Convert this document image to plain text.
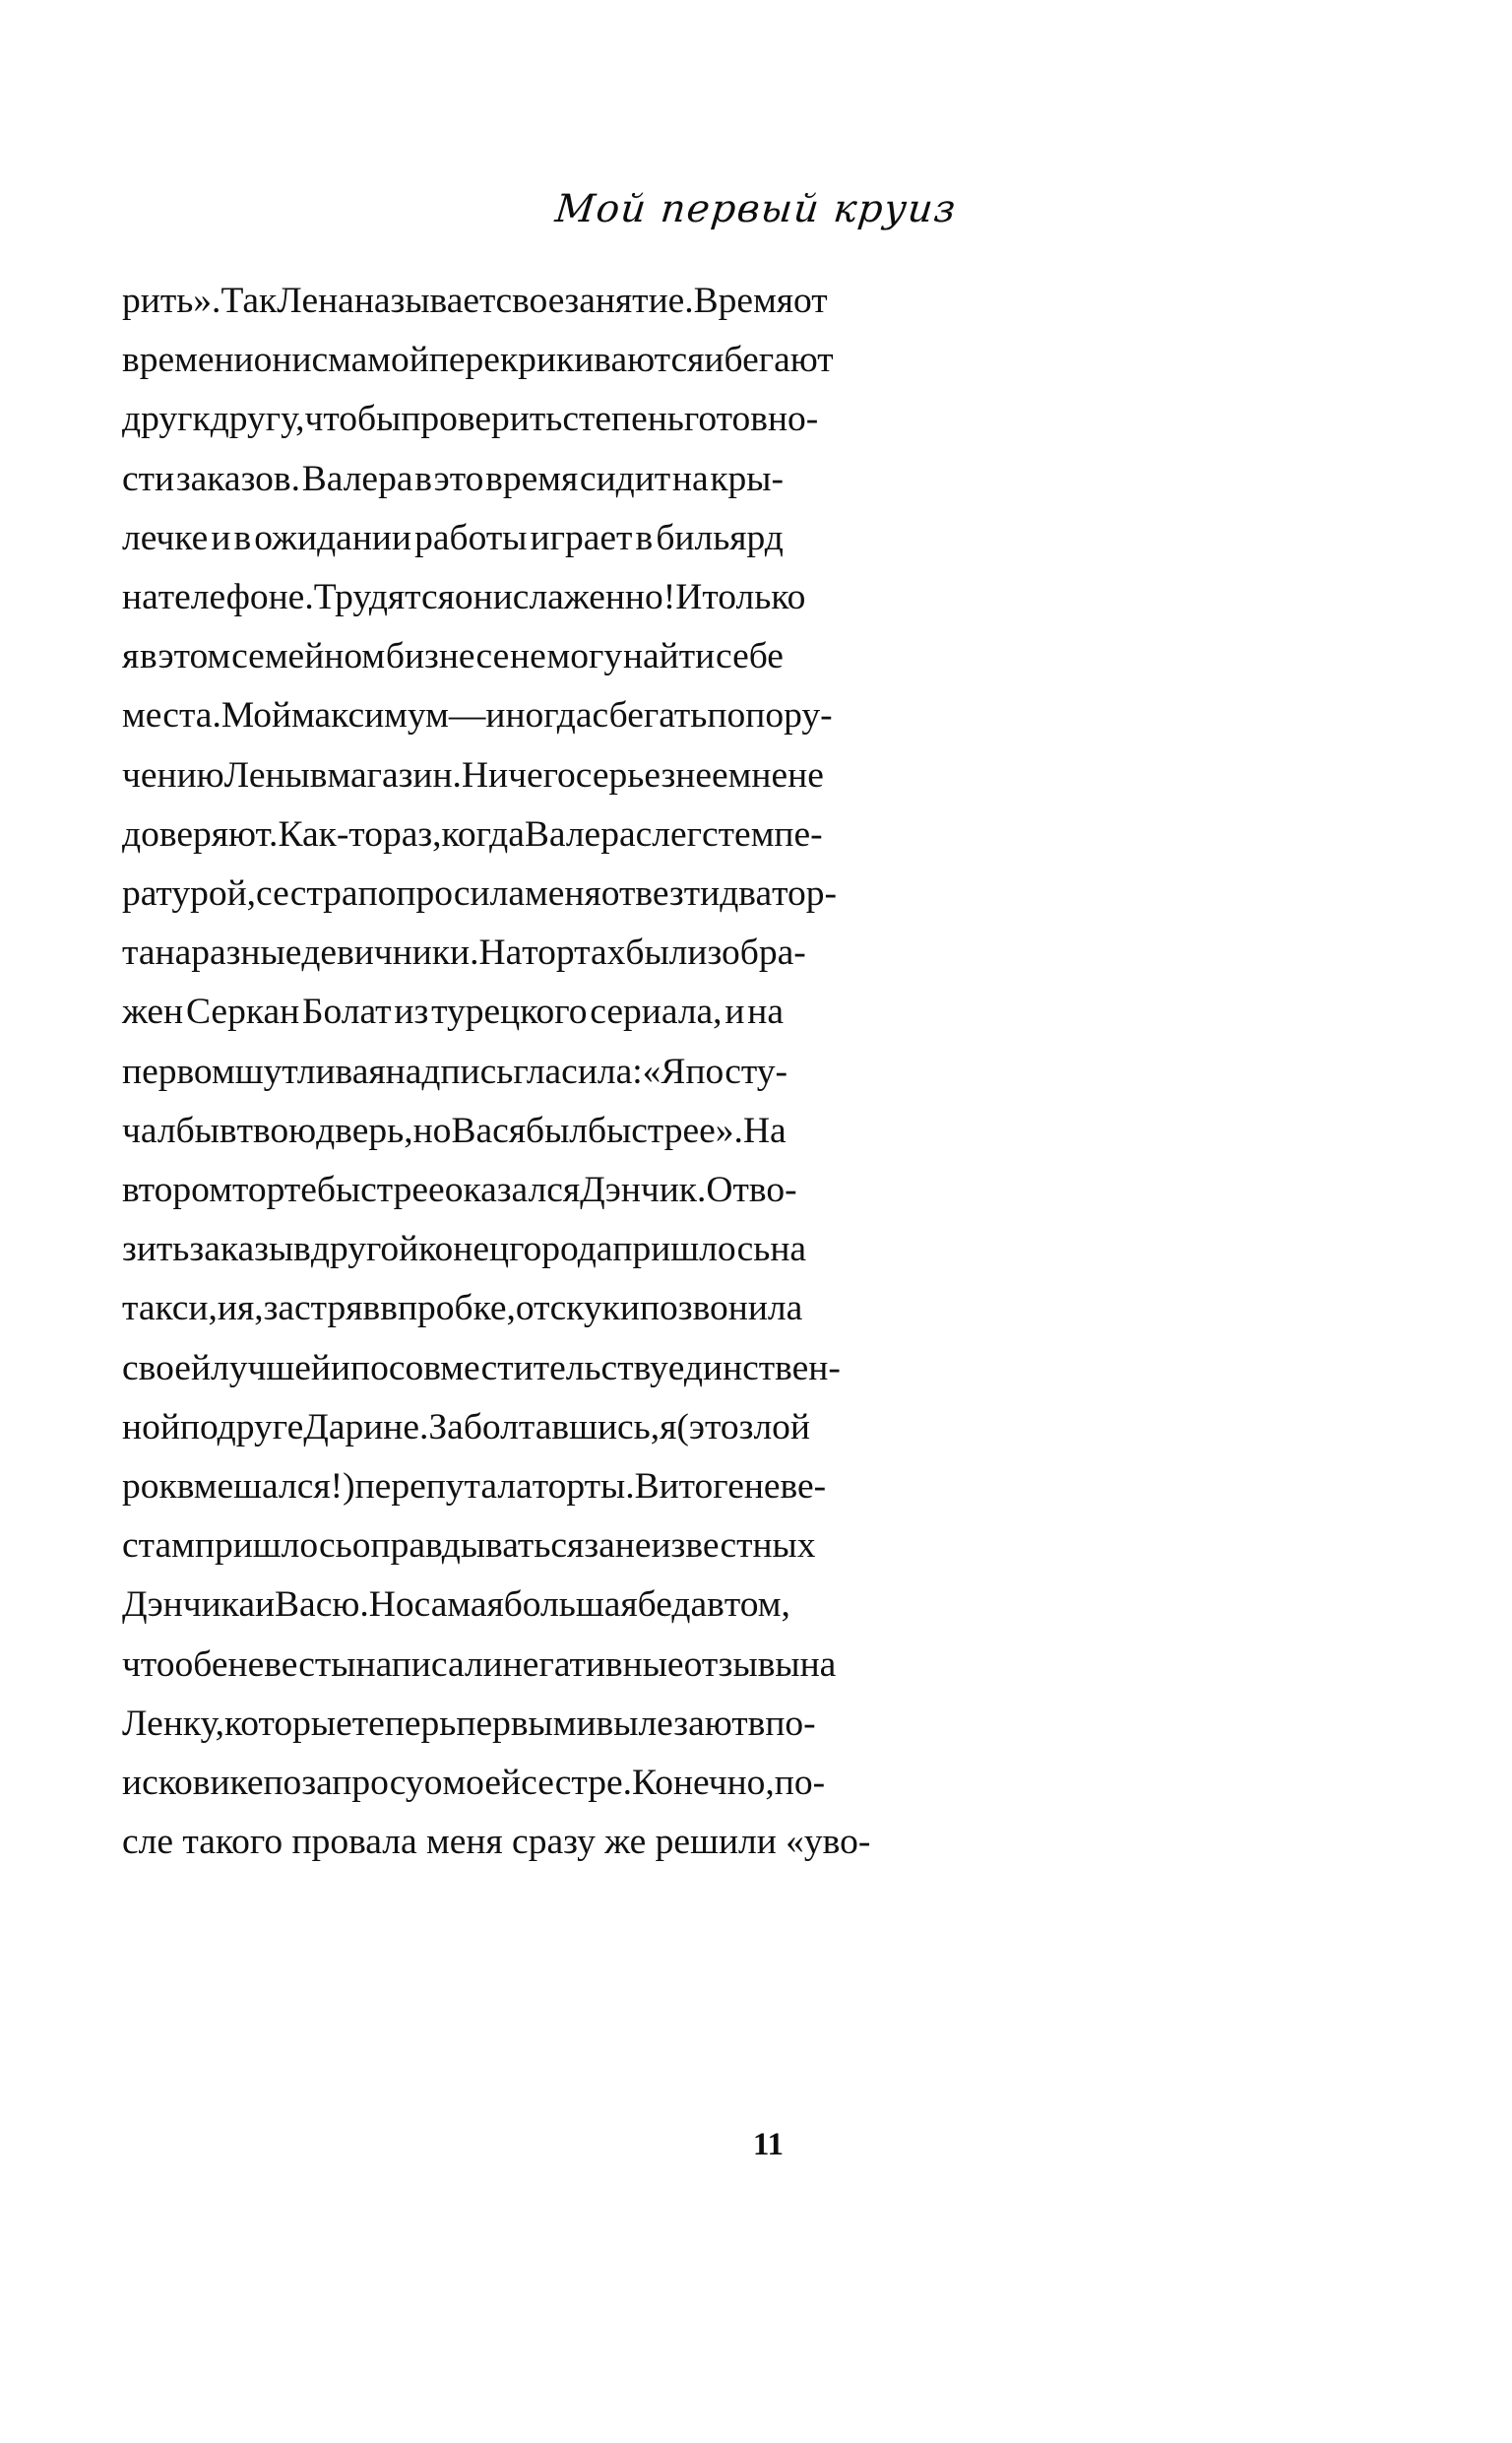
Мой первый круиз
рить». Так Лена называет свое занятие. Время от
времени они с мамой перекрикиваются и бегают
друг к другу, чтобы проверить степень готовно-
сти заказов. Валера в это время сидит на кры-
лечке и в ожидании работы играет в бильярд
на телефоне. Трудятся они слаженно! И только
я в этом семейном бизнесе не могу найти себе
места. Мой максимум — иногда сбегать по пору-
чению Лены в магазин. Ничего серьезнее мне не
доверяют. Как-то раз, когда Валера слег с темпе-
ратурой, сестра попросила меня отвезти два тор-
та на разные девичники. На тортах был изобра-
жен Серкан Болат из турецкого сериала, и на
первом шутливая надпись гласила: «Я посту-
чал бы в твою дверь, но Вася был быстрее». На
втором торте быстрее оказался Дэнчик. Отво-
зить заказы в другой конец города пришлось на
такси, и я, застряв в пробке, от скуки позвонила
своей лучшей и по совместительству единствен-
ной подруге Дарине. Заболтавшись, я (это злой
рок вмешался!) перепутала торты. В итоге неве-
стам пришлось оправдываться за неизвестных
Дэнчика и Васю. Но самая большая беда в том,
что обе невесты написали негативные отзывы на
Ленку, которые теперь первыми вылезают в по-
исковике по запросу о моей сестре. Конечно, по-
сле такого провала меня сразу же решили «уво-
11
